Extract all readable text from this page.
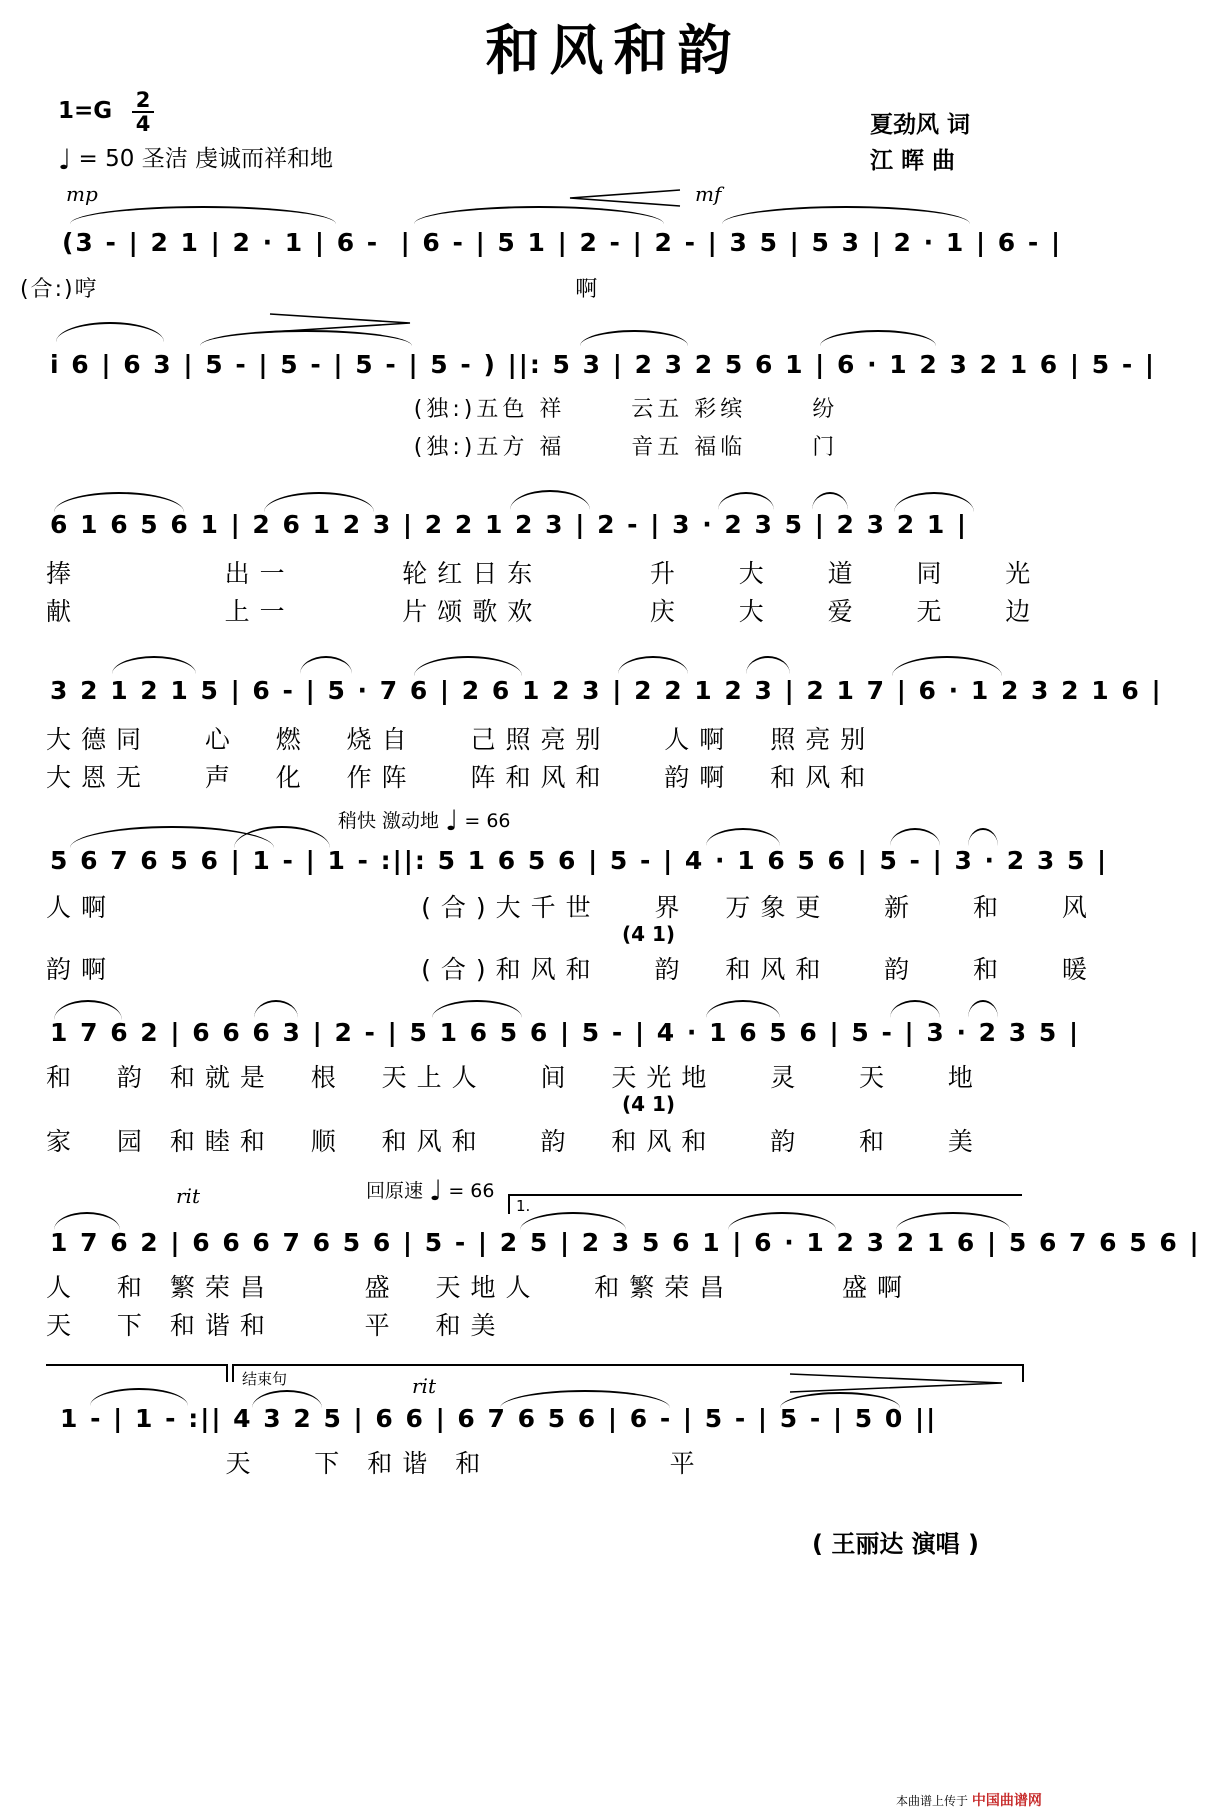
和风和韵
1=G 2
4
♩ = 50 圣洁 虔诚而祥和地
夏劲风 词
江 晖 曲
mp	mf
(3 - | 2 1 | 2 · 1 | 6 -  | 6 - | 5 1 | 2 - | 2 - | 3 5 | 5 3 | 2 · 1 | 6 - |
(合:)哼                                                     啊
i 6 | 6 3 | 5 - | 5 - | 5 - | 5 - ) ||: 5 3 | 2 3 2 5 6 1 | 6 · 1 2 3 2 1 6 | 5 - |
(独:)五色 祥      云五 彩缤      纷
(独:)五方 福      音五 福临      门
6 1 6 5 6 1 | 2 6 1 2 3 | 2 2 1 2 3 | 2 - | 3 · 2 3 5 | 2 3 2 1 |
捧        出一      轮红日东      升   大   道   同   光
献        上一      片颂歌欢      庆   大   爱   无   边
3 2 1 2 1 5 | 6 - | 5 · 7 6 | 2 6 1 2 3 | 2 2 1 2 3 | 2 1 7 | 6 · 1 2 3 2 1 6 |
大德同   心  燃  烧自   己照亮别   人啊  照亮别
大恩无   声  化  作阵   阵和风和   韵啊  和风和
稍快 激动地 ♩ = 66
5 6 7 6 5 6 | 1 - | 1 - :||: 5 1 6 5 6 | 5 - | 4 · 1 6 5 6 | 5 - | 3 · 2 3 5 |
人啊                 (合)大千世   界  万象更   新   和   风
(4 1)
韵啊                 (合)和风和   韵  和风和   韵   和   暖
1 7 6 2 | 6 6 6 3 | 2 - | 5 1 6 5 6 | 5 - | 4 · 1 6 5 6 | 5 - | 3 · 2 3 5 |
和  韵 和就是  根  天上人   间  天光地   灵   天   地
(4 1)
家  园 和睦和  顺  和风和   韵  和风和   韵   和   美
rit	回原速 ♩ = 66
1.
1 7 6 2 | 6 6 6 7 6 5 6 | 5 - | 2 5 | 2 3 5 6 1 | 6 · 1 2 3 2 1 6 | 5 6 7 6 5 6 |
人  和 繁荣昌     盛  天地人   和繁荣昌      盛啊
天  下 和谐和     平  和美
结束句	rit
1 - | 1 - :|| 4 3 2 5 | 6 6 | 6 7 6 5 6 | 6 - | 5 - | 5 - | 5 0 ||
天   下 和谐 和          平
( 王丽达 演唱 )
本曲谱上传于 中国曲谱网
